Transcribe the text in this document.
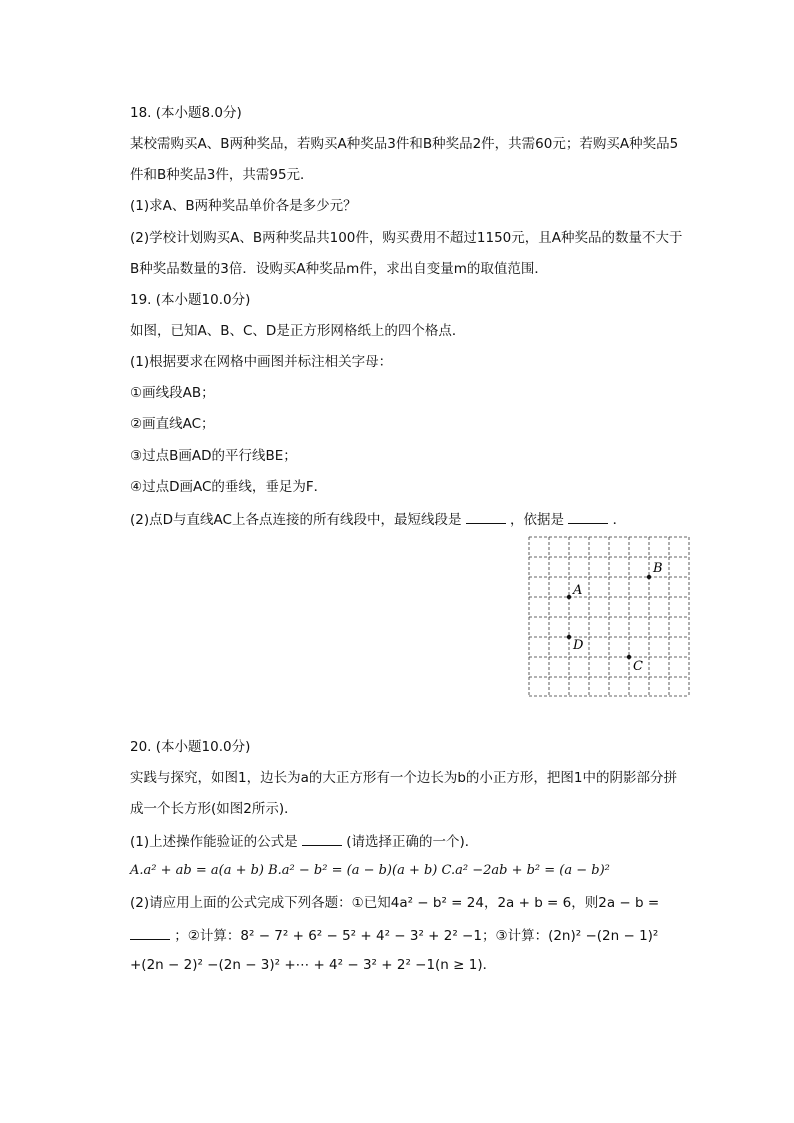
18. (本小题8.0分)
某校需购买A、B两种奖品，若购买A种奖品3件和B种奖品2件，共需60元；若购买A种奖品5
件和B种奖品3件，共需95元．
(1)求A、B两种奖品单价各是多少元？
(2)学校计划购买A、B两种奖品共100件，购买费用不超过1150元，且A种奖品的数量不大于
B种奖品数量的3倍．设购买A种奖品m件，求出自变量m的取值范围．
19. (本小题10.0分)
如图，已知A、B、C、D是正方形网格纸上的四个格点．
(1)根据要求在网格中画图并标注相关字母：
①画线段AB；
②画直线AC；
③过点B画AD的平行线BE；
④过点D画AC的垂线，垂足为F．
(2)点D与直线AC上各点连接的所有线段中，最短线段是	，依据是	．
A
B
C
D
20. (本小题10.0分)
实践与探究，如图1，边长为a的大正方形有一个边长为b的小正方形，把图1中的阴影部分拼
成一个长方形(如图2所示)．
(1)上述操作能验证的公式是	(请选择正确的一个)．
A.a² + ab = a(a + b) B.a² − b² = (a − b)(a + b) C.a² −2ab + b² = (a − b)²
(2)请应用上面的公式完成下列各题：①已知4a² − b² = 24，2a + b = 6，则2a − b =
；②计算：8² − 7² + 6² − 5² + 4² − 3² + 2² −1；③计算：(2n)² −(2n − 1)²
+(2n − 2)² −(2n − 3)² +⋯ + 4² − 3² + 2² −1(n ≥ 1)．
